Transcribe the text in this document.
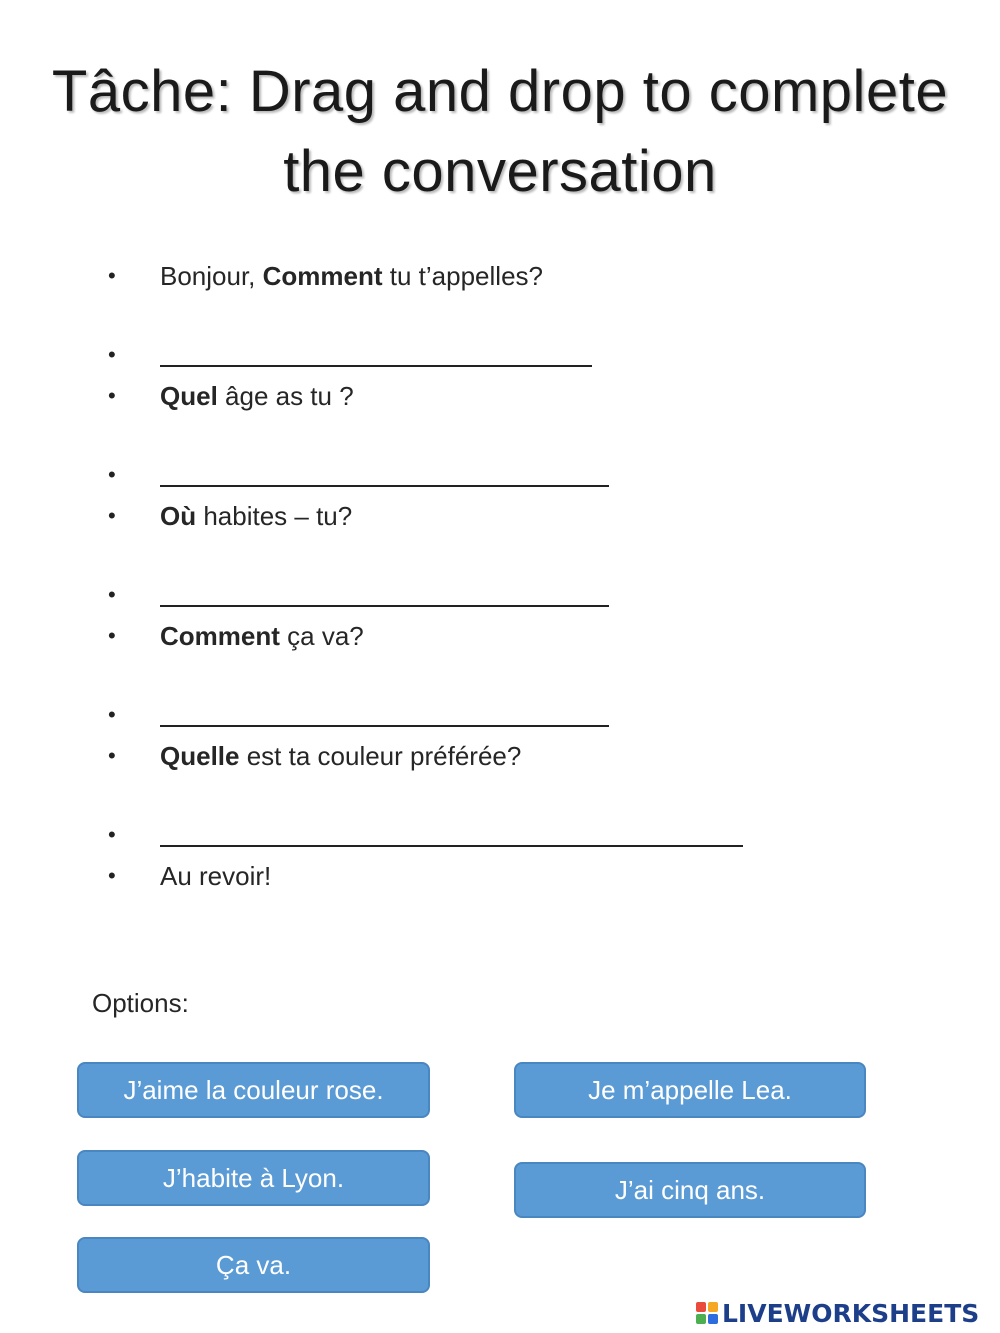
Tâche: Drag and drop to complete
the conversation
• Bonjour, Comment tu t’appelles?
•
• Quel âge as tu ?
•
• Où habites – tu?
•
• Comment ça va?
•
• Quelle est ta couleur préférée?
•
• Au revoir!
Options:
J’aime la couleur rose.	Je m’appelle Lea.
J’habite à Lyon.	J’ai cinq ans.
Ça va.
LIVEWORKSHEETS
